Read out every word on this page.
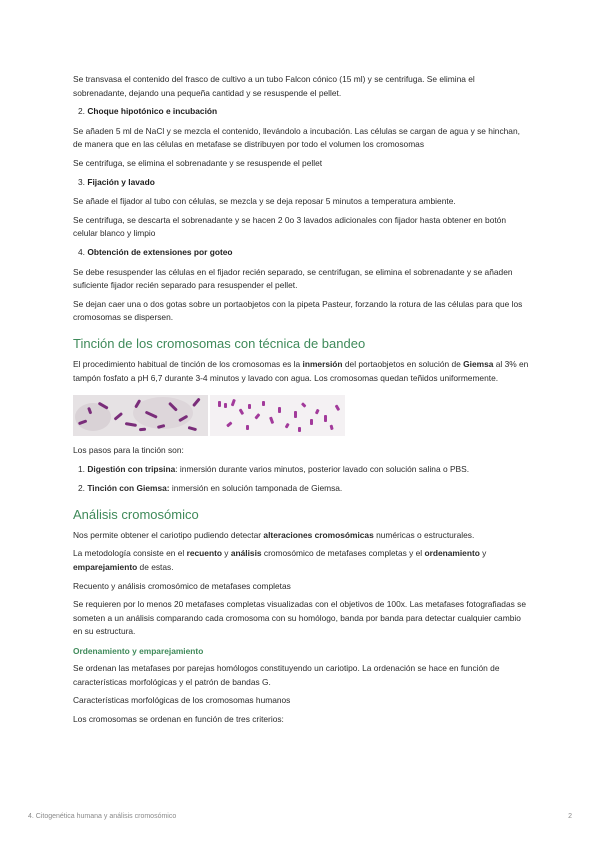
Se transvasa el contenido del frasco de cultivo a un tubo Falcon cónico (15 ml) y se centrifuga. Se elimina el sobrenadante, dejando una pequeña cantidad y se resuspende el pellet.

2. Choque hipotónico e incubación

Se añaden 5 ml de NaCl y se mezcla el contenido, llevándolo a incubación. Las células se cargan de agua y se hinchan, de manera que en las células en metafase se distribuyen por todo el volumen los cromosomas

Se centrifuga, se elimina el sobrenadante y se resuspende el pellet

3. Fijación y lavado

Se añade el fijador al tubo con células, se mezcla y se deja reposar 5 minutos a temperatura ambiente.

Se centrifuga, se descarta el sobrenadante y se hacen 2 0o 3 lavados adicionales con fijador hasta obtener en botón celular blanco y limpio

4. Obtención de extensiones por goteo

Se debe resuspender las células en el fijador recién separado, se centrifugan, se elimina el sobrenadante y se añaden suficiente fijador recién separado para resuspender el pellet.

Se dejan caer una o dos gotas sobre un portaobjetos con la pipeta Pasteur, forzando la rotura de las células para que los cromosomas se dispersen.

Tinción de los cromosomas con técnica de bandeo

El procedimiento habitual de tinción de los cromosomas es la inmersión del portaobjetos en solución de Giemsa al 3% en tampón fosfato a pH 6,7 durante 3-4 minutos y lavado con agua. Los cromosomas quedan teñidos uniformemente.

Los pasos para la tinción son:

1. Digestión con tripsina: inmersión durante varios minutos, posterior lavado con solución salina o PBS.
2. Tinción con Giemsa: inmersión en solución tamponada de Giemsa.
Análisis cromosómico

Nos permite obtener el cariotipo pudiendo detectar alteraciones cromosómicas numéricas o estructurales.

La metodología consiste en el recuento y análisis cromosómico de metafases completas y el ordenamiento y emparejamiento de estas.

Recuento y análisis cromosómico de metafases completas

Se requieren por lo menos 20 metafases completas visualizadas con el objetivos de 100x. Las metafases fotografiadas se someten a un análisis comparando cada cromosoma con su homólogo, banda por banda para detectar cualquier cambio en su estructura.

Ordenamiento y emparejamiento

Se ordenan las metafases por parejas homólogos constituyendo un cariotipo. La ordenación se hace en función de características morfológicas y el patrón de bandas G.

Características morfológicas de los cromosomas humanos

Los cromosomas se ordenan en función de tres criterios:

4. Citogenética humana y análisis cromosómico	2
